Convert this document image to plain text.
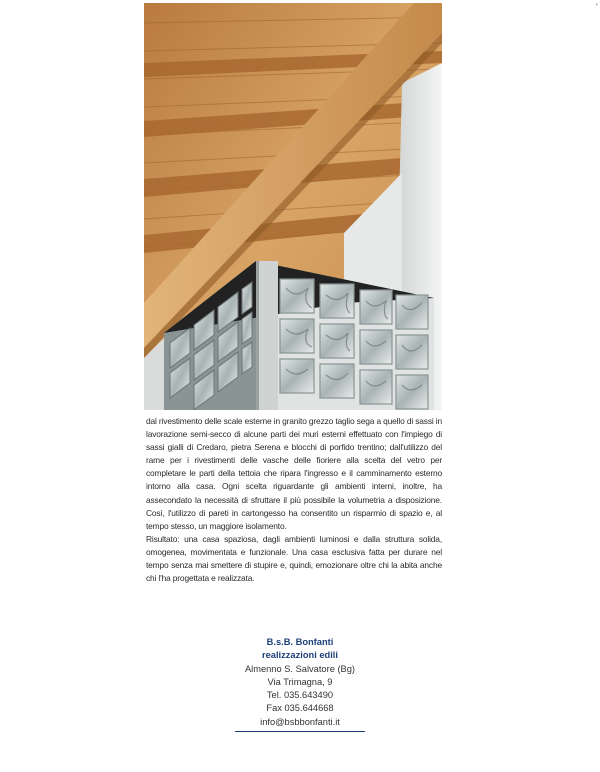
'

dal rivestimento delle scale esterne in granito grezzo taglio sega a quello di sassi in lavorazione semi-secco di alcune parti dei muri esterni effettuato con l'impiego di sassi gialli di Credaro, pietra Serena e blocchi di porfido trentino; dall'utilizzo del rame per i rivestimenti delle vasche delle fioriere alla scelta del vetro per completare le parti della tettoia che ripara l'ingresso e il camminamento esterno intorno alla casa. Ogni scelta riguardante gli ambienti interni, inoltre, ha assecondato la necessità di sfruttare il più possibile la volumetria a disposizione. Così, l'utilizzo di pareti in cartongesso ha consentito un risparmio di spazio e, al tempo stesso, un maggiore isolamento.

Risultato: una casa spaziosa, dagli ambienti luminosi e dalla struttura solida, omogenea, movimentata e funzionale. Una casa esclusiva fatta per durare nel tempo senza mai smettere di stupire e, quindi, emozionare oltre chi la abita anche chi l'ha progettata e realizzata.

B.s.B. Bonfanti
realizzazioni edili
Almenno S. Salvatore (Bg)
Via Trimagna, 9
Tel. 035.643490
Fax 035.644668
info@bsbbonfanti.it
